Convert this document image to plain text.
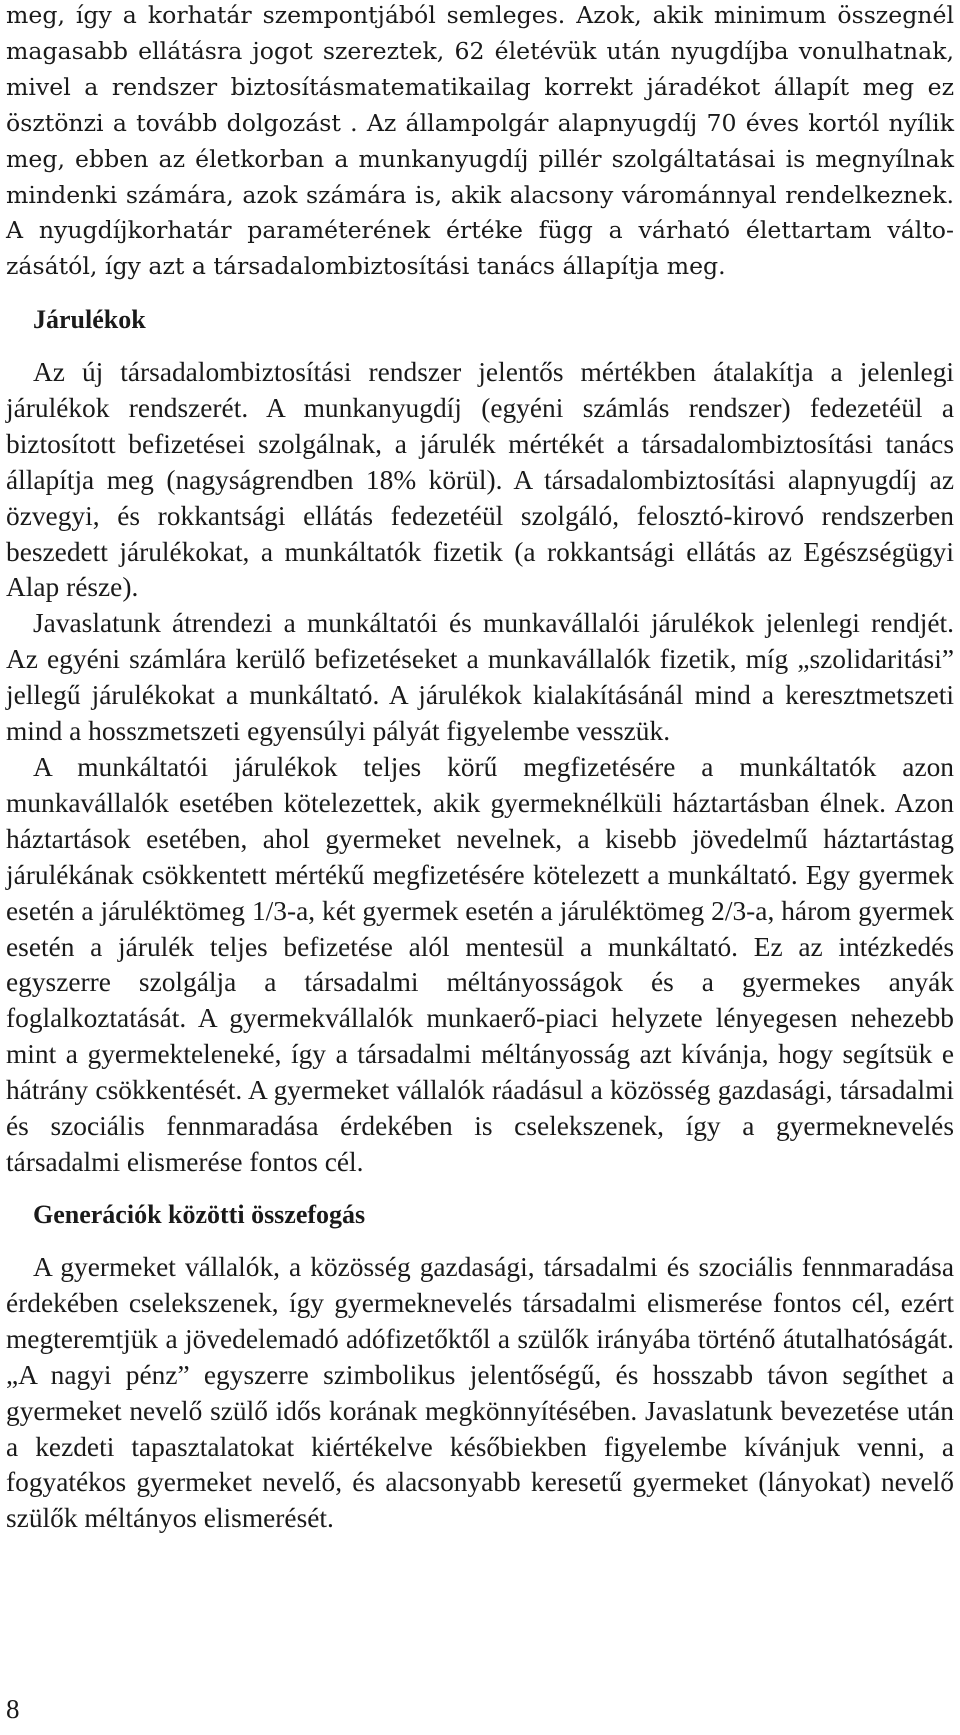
meg, így a korhatár szempontjából semleges. Azok, akik minimum összegnél magasabb ellátásra jogot szereztek, 62 életévük után nyugdíjba vonulhatnak, mivel a rendszer biztosításmatematikailag korrekt járadékot állapít meg ez ösztönzi a tovább dolgozást . Az állampolgár alapnyugdíj 70 éves kortól nyílik meg, ebben az életkorban a munkanyugdíj pillér szolgáltatásai is megnyílnak mindenki számára, azok számára is, akik alacsony várománnyal rendelkeznek. A nyugdíjkorhatár paraméterének értéke függ a várható élettartam változásától, így azt a társadalombiztosítási tanács állapítja meg.

Járulékok

Az új társadalombiztosítási rendszer jelentős mértékben átalakítja a jelenlegi járulékok rendszerét. A munkanyugdíj (egyéni számlás rendszer) fedezetéül a biztosított befizetései szolgálnak, a járulék mértékét a társadalombiztosítási tanács állapítja meg (nagyságrendben 18% körül). A társadalombiztosítási alapnyugdíj az özvegyi, és rokkantsági ellátás fedezetéül szolgáló, felosztó-kirovó rendszerben beszedett járulékokat, a munkáltatók fizetik (a rokkantsági ellátás az Egészségügyi Alap része).

Javaslatunk átrendezi a munkáltatói és munkavállalói járulékok jelenlegi rendjét. Az egyéni számlára kerülő befizetéseket a munkavállalók fizetik, míg „szolidaritási” jellegű járulékokat a munkáltató. A járulékok kialakításánál mind a keresztmetszeti mind a hosszmetszeti egyensúlyi pályát figyelembe vesszük.

A munkáltatói járulékok teljes körű megfizetésére a munkáltatók azon munkavállalók esetében kötelezettek, akik gyermeknélküli háztartásban élnek. Azon háztartások esetében, ahol gyermeket nevelnek, a kisebb jövedelmű háztartástag járulékának csökkentett mértékű megfizetésére kötelezett a munkáltató. Egy gyermek esetén a járuléktömeg 1/3-a, két gyermek esetén a járuléktömeg 2/3-a, három gyermek esetén a járulék teljes befizetése alól mentesül a munkáltató. Ez az intézkedés egyszerre szolgálja a társadalmi méltányosságok és a gyermekes anyák foglalkoztatását. A gyermekvállalók munkaerő-piaci helyzete lényegesen nehezebb mint a gyermekteleneké, így a társadalmi méltányosság azt kívánja, hogy segítsük e hátrány csökkentését. A gyermeket vállalók ráadásul a közösség gazdasági, társadalmi és szociális fennmaradása érdekében is cselekszenek, így a gyermeknevelés társadalmi elismerése fontos cél.

Generációk közötti összefogás

A gyermeket vállalók, a közösség gazdasági, társadalmi és szociális fennmaradása érdekében cselekszenek, így gyermeknevelés társadalmi elismerése fontos cél, ezért megteremtjük a jövedelemadó adófizetőktől a szülők irányába történő átutalhatóságát. „A nagyi pénz” egyszerre szimbolikus jelentőségű, és hosszabb távon segíthet a gyermeket nevelő szülő idős korának megkönnyítésében. Javaslatunk bevezetése után a kezdeti tapasztalatokat kiértékelve későbiekben figyelembe kívánjuk venni, a fogyatékos gyermeket nevelő, és alacsonyabb keresetű gyermeket (lányokat) nevelő szülők méltányos elismerését.

8
